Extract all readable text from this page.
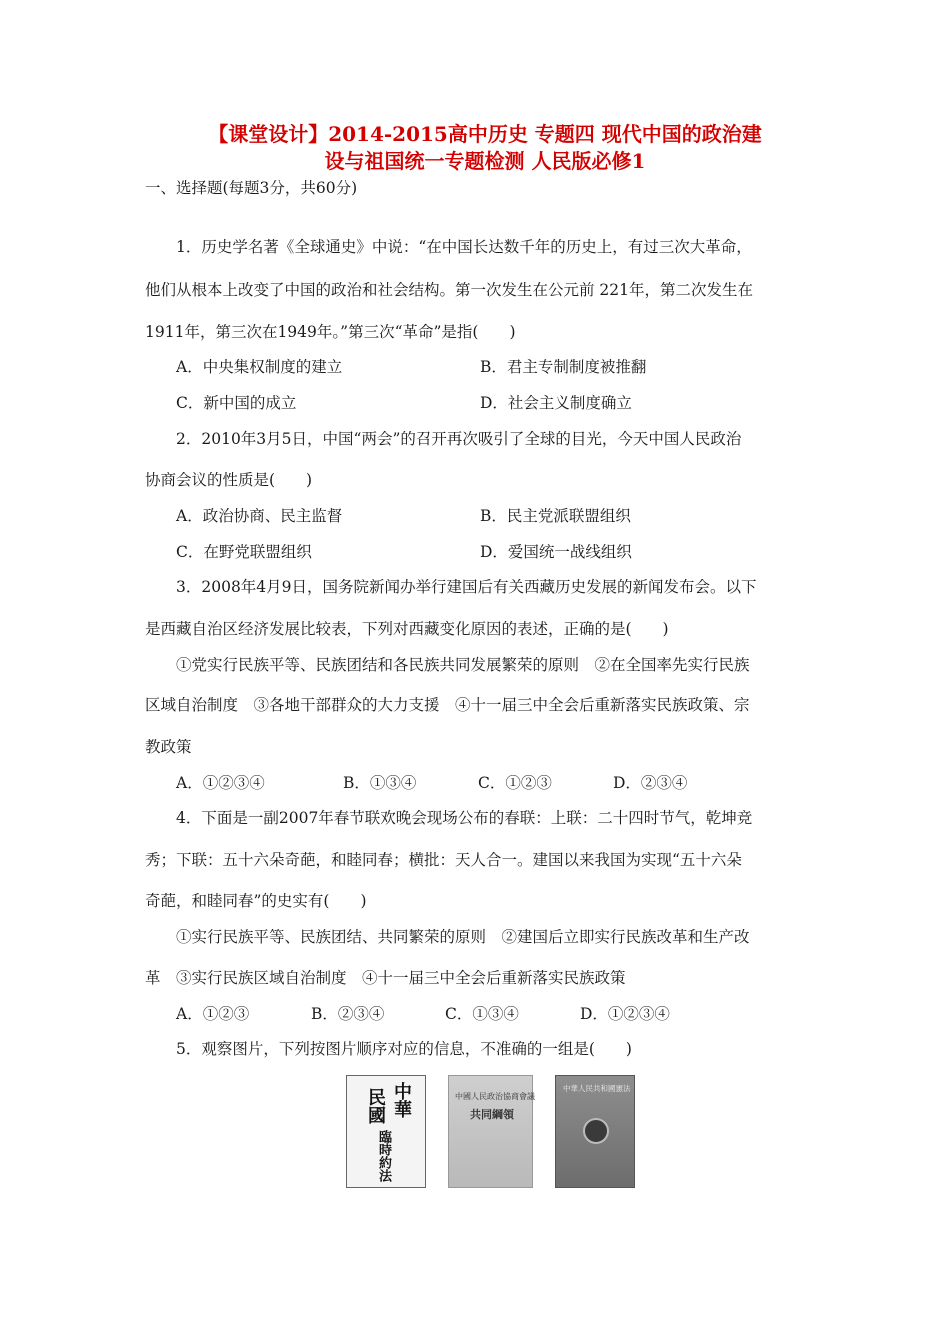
【课堂设计】2014-2015高中历史 专题四 现代中国的政治建
设与祖国统一专题检测 人民版必修1
一、选择题(每题3分，共60分)
1．历史学名著《全球通史》中说：“在中国长达数千年的历史上，有过三次大革命，
他们从根本上改变了中国的政治和社会结构。第一次发生在公元前 221年，第二次发生在
1911年，第三次在1949年。”第三次“革命”是指(　　)
A．中央集权制度的建立	B．君主专制制度被推翻
C．新中国的成立	D．社会主义制度确立
2．2010年3月5日，中国“两会”的召开再次吸引了全球的目光，今天中国人民政治
协商会议的性质是(　　)
A．政治协商、民主监督	B．民主党派联盟组织
C．在野党联盟组织	D．爱国统一战线组织
3．2008年4月9日，国务院新闻办举行建国后有关西藏历史发展的新闻发布会。以下
是西藏自治区经济发展比较表，下列对西藏变化原因的表述，正确的是(　　)
①党实行民族平等、民族团结和各民族共同发展繁荣的原则　②在全国率先实行民族
区域自治制度　③各地干部群众的大力支援　④十一届三中全会后重新落实民族政策、宗
教政策
A．①②③④	B．①③④	C．①②③	D．②③④
4．下面是一副2007年春节联欢晚会现场公布的春联：上联：二十四时节气，乾坤竞
秀；下联：五十六朵奇葩，和睦同春；横批：天人合一。建国以来我国为实现“五十六朵
奇葩，和睦同春”的史实有(　　)
①实行民族平等、民族团结、共同繁荣的原则　②建国后立即实行民族改革和生产改
革　③实行民族区域自治制度　④十一届三中全会后重新落实民族政策
A．①②③	B．②③④	C．①③④	D．①②③④
5．观察图片，下列按图片顺序对应的信息，不准确的一组是(　　)
中華
民國
臨時約法
中國人民政治協商會議
共同綱領
中華人民共和國憲法
